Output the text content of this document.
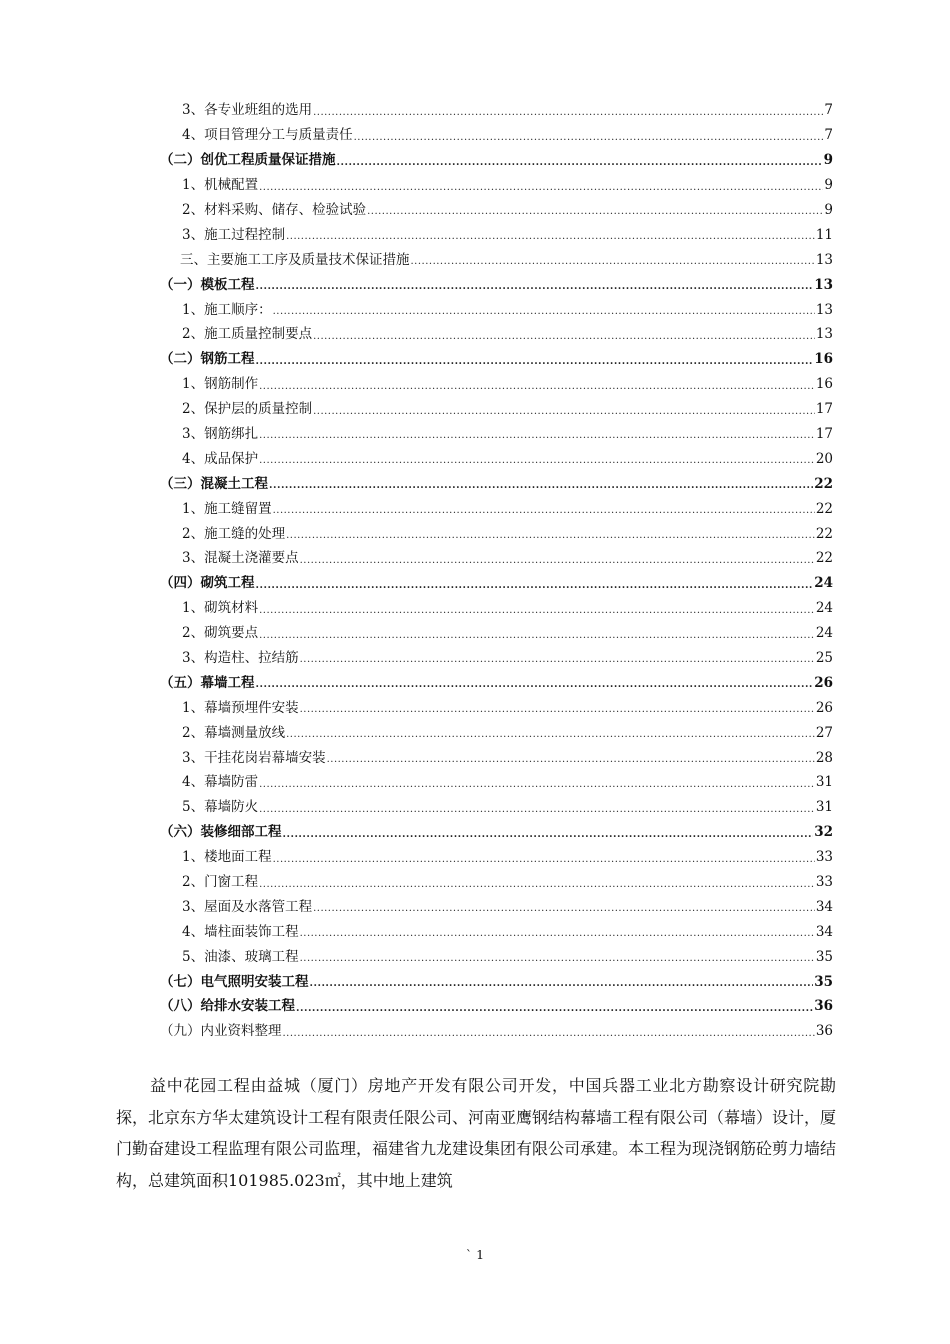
3、各专业班组的选用 .....	7
4、项目管理分工与质量责任 .....	7
（二）创优工程质量保证措施 .....	9
1、机械配置 .....	9
2、材料采购、储存、检验试验 .....	9
3、施工过程控制 .....	11
三、主要施工工序及质量技术保证措施 .....	13
（一）模板工程 .....	13
1、施工顺序： .....	13
2、施工质量控制要点 .....	13
（二）钢筋工程 .....	16
1、钢筋制作 .....	16
2、保护层的质量控制 .....	17
3、钢筋绑扎 .....	17
4、成品保护 .....	20
（三）混凝土工程 .....	22
1、施工缝留置 .....	22
2、施工缝的处理 .....	22
3、混凝土浇灌要点 .....	22
（四）砌筑工程 .....	24
1、砌筑材料 .....	24
2、砌筑要点 .....	24
3、构造柱、拉结筋 .....	25
（五）幕墙工程 .....	26
1、幕墙预埋件安装 .....	26
2、幕墙测量放线 .....	27
3、干挂花岗岩幕墙安装 .....	28
4、幕墙防雷 .....	31
5、幕墙防火 .....	31
（六）装修细部工程 .....	32
1、楼地面工程 .....	33
2、门窗工程 .....	33
3、屋面及水落管工程 .....	34
4、墙柱面装饰工程 .....	34
5、油漆、玻璃工程 .....	35
（七）电气照明安装工程 .....	35
（八）给排水安装工程 .....	36
（九）内业资料整理 .....	36

益中花园工程由益城（厦门）房地产开发有限公司开发，中国兵器工业北方勘察设计研究院勘探，北京东方华太建筑设计工程有限责任限公司、河南亚鹰钢结构幕墙工程有限公司（幕墙）设计，厦门勤奋建设工程监理有限公司监理，福建省九龙建设集团有限公司承建。本工程为现浇钢筋砼剪力墙结构，总建筑面积101985.023㎡，其中地上建筑

` 1
